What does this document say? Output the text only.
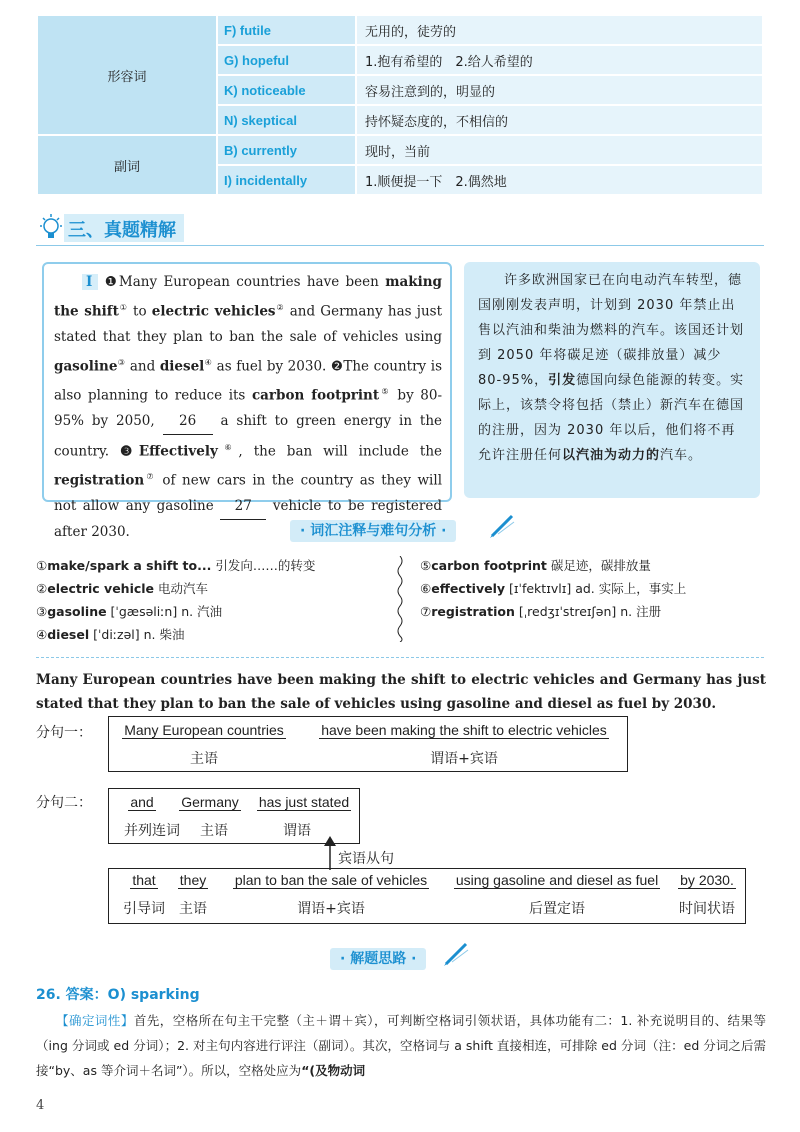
形容词	F) futile	无用的，徒劳的
	G) hopeful	1.抱有希望的　2.给人希望的
	K) noticeable	容易注意到的，明显的
	N) skeptical	持怀疑态度的，不相信的
副词	B) currently	现时，当前
	I) incidentally	1.顺便提一下　2.偶然地
三、真题精解
Ⅰ ❶Many European countries have been making the shift① to electric vehicles② and Germany has just stated that they plan to ban the sale of vehicles using gasoline③ and diesel④ as fuel by 2030. ❷The country is also planning to reduce its carbon footprint⑤ by 80-95% by 2050, 26 a shift to green energy in the country. ❸Effectively⑥, the ban will include the registration⑦ of new cars in the country as they will not allow any gasoline 27 vehicle to be registered after 2030.
许多欧洲国家已在向电动汽车转型，德国刚刚发表声明，计划到 2030 年禁止出售以汽油和柴油为燃料的汽车。该国还计划到 2050 年将碳足迹（碳排放量）减少 80-95%，引发德国向绿色能源的转变。实际上，该禁令将包括（禁止）新汽车在德国的注册，因为 2030 年以后，他们将不再允许注册任何以汽油为动力的汽车。
· 词汇注释与难句分析 ·
①make/spark a shift to... 引发向……的转变
②electric vehicle 电动汽车
③gasoline [ˈgæsəliːn] n. 汽油
④diesel [ˈdiːzəl] n. 柴油
⑤carbon footprint 碳足迹，碳排放量
⑥effectively [ɪˈfektɪvlɪ] ad. 实际上，事实上
⑦registration [ˌredʒɪˈstreɪʃən] n. 注册
Many European countries have been making the shift to electric vehicles and Germany has just stated that they plan to ban the sale of vehicles using gasoline and diesel as fuel by 2030.
分句一：	Many European countries
主语
have been making the shift to electric vehicles
谓语+宾语
分句二：	and
并列连词
Germany
主语
has just stated
谓语
宾语从句
that
引导词
they
主语
plan to ban the sale of vehicles
谓语+宾语
using gasoline and diesel as fuel
后置定语
by 2030.
时间状语
· 解题思路 ·
26. 答案：O) sparking
【确定词性】首先，空格所在句主干完整（主＋谓＋宾），可判断空格词引领状语，具体功能有二：1. 补充说明目的、结果等（ing 分词或 ed 分词）；2. 对主句内容进行评注（副词）。其次，空格词与 a shift 直接相连，可排除 ed 分词（注：ed 分词之后需接“by、as 等介词＋名词”）。所以，空格处应为“(及物动词
4
